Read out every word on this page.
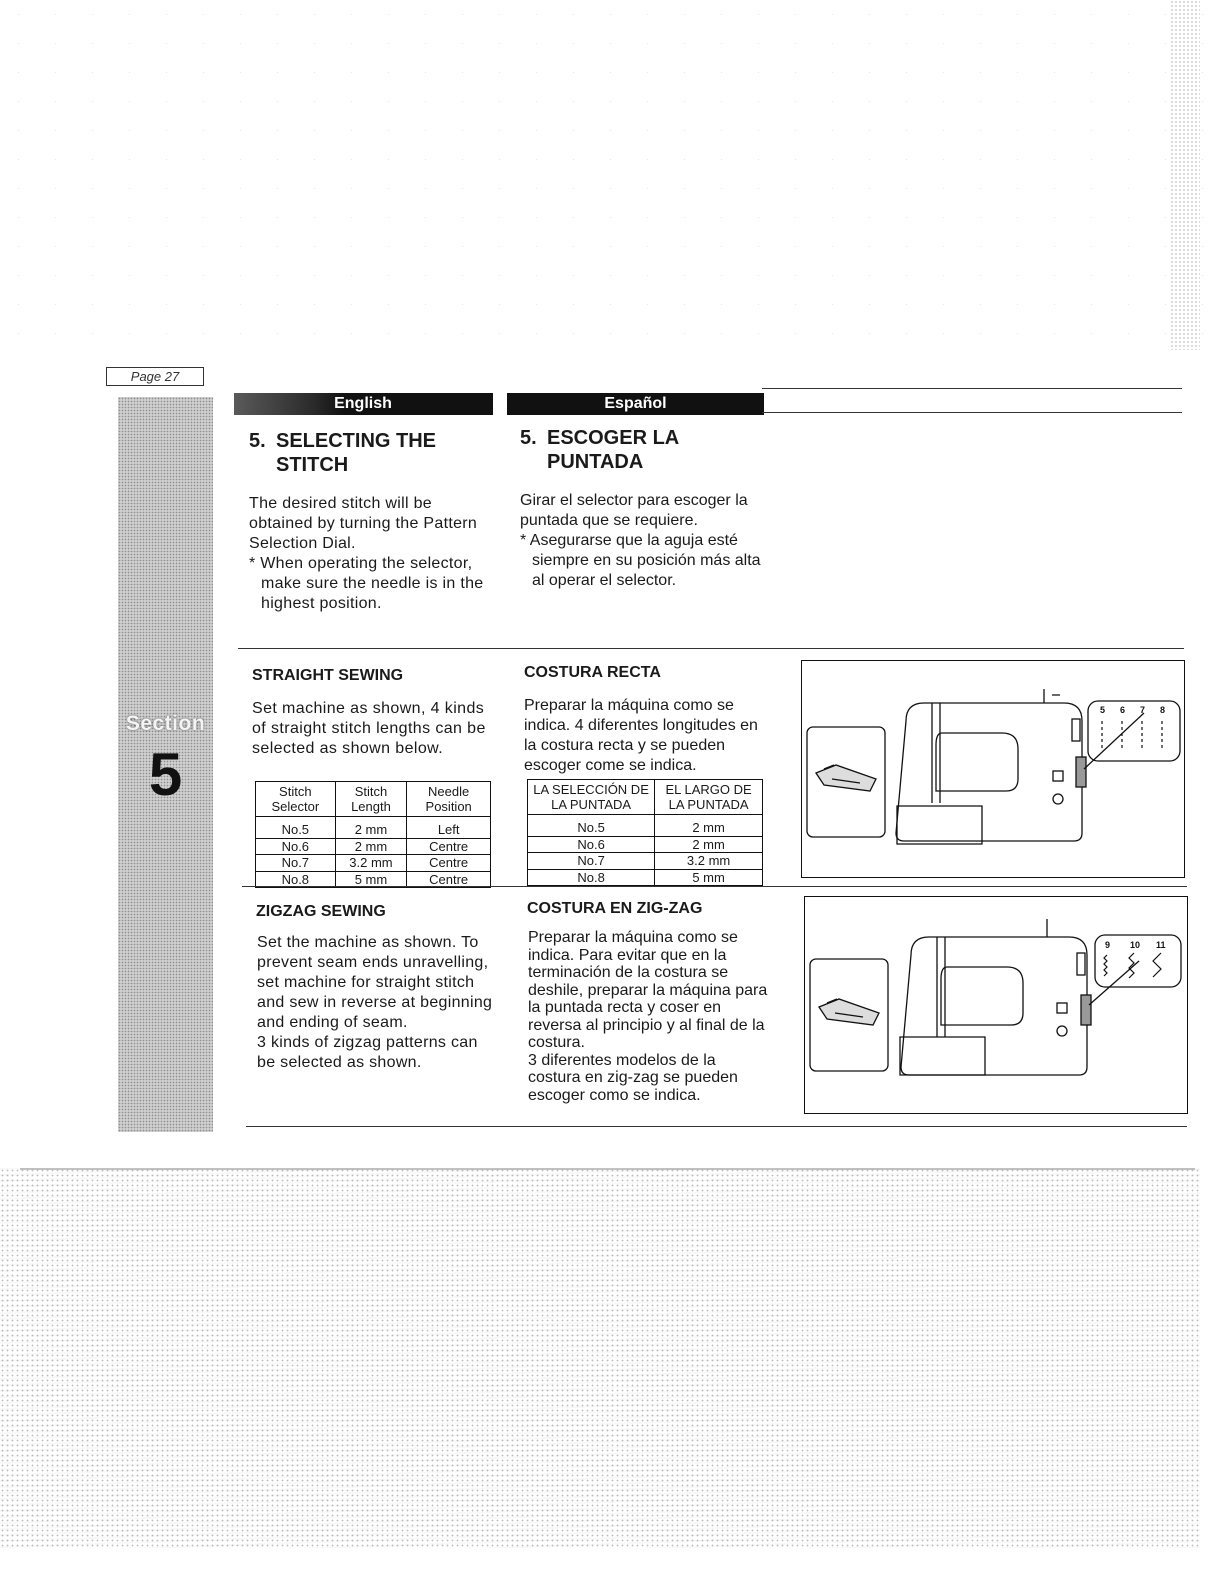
Page 27
Section
5
English	Español
5. SELECTING THE
STITCH
5. ESCOGER LA
PUNTADA

The desired stitch will be obtained by turning the Pattern Selection Dial.

* When operating the selector, make sure the needle is in the highest position.

Girar el selector para escoger la puntada que se requiere.

* Asegurarse que la aguja esté siempre en su posición más alta al operar el selector.

STRAIGHT SEWING
Set machine as shown, 4 kinds of straight stitch lengths can be selected as shown below.
Stitch Selector	Stitch Length	Needle Position
No.5	2 mm	Left
No.6	2 mm	Centre
No.7	3.2 mm	Centre
No.8	5 mm	Centre
COSTURA RECTA
Preparar la máquina como se indica. 4 diferentes longitudes en la costura recta y se pueden escoger come se indica.
LA SELECCIÓN DE LA PUNTADA	EL LARGO DE LA PUNTADA
No.5	2 mm
No.6	2 mm
No.7	3.2 mm
No.8	5 mm
5 6 7 8
ZIGZAG SEWING

Set the machine as shown. To prevent seam ends unravelling, set machine for straight stitch and sew in reverse at beginning and ending of seam.

3 kinds of zigzag patterns can be selected as shown.

COSTURA EN ZIG-ZAG

Preparar la máquina como se indica. Para evitar que en la terminación de la costura se deshile, preparar la máquina para la puntada recta y coser en reversa al principio y al final de la costura.

3 diferentes modelos de la costura en zig-zag se pueden escoger como se indica.

9 10 11
